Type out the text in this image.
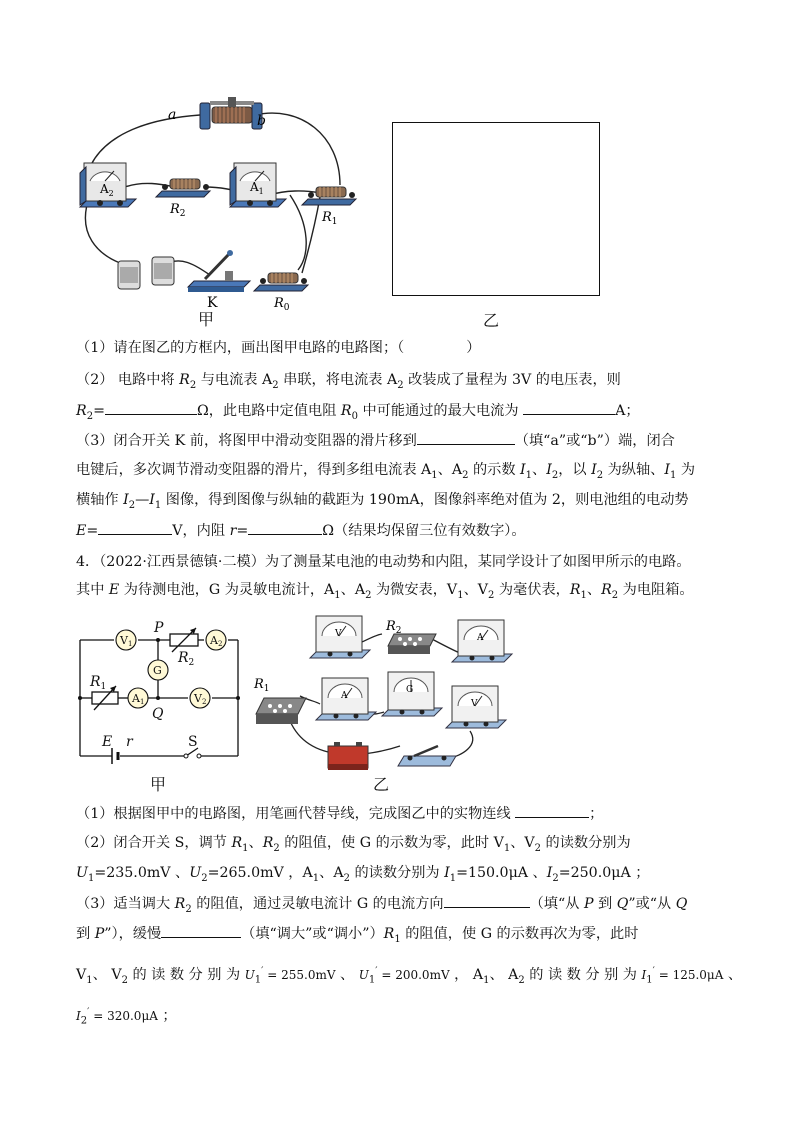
a	b
$A_2$
$R_2$
$A_1$
$R_1$
K	$R_0$
甲	乙
（1）请在图乙的方框内，画出图甲电路的电路图；（	）
（2） 电路中将 $R_2$ 与电流表 $A_2$ 串联，将电流表 $A_2$ 改装成了量程为 3V 的电压表，则
$R_2=$	Ω，此电路中定值电阻 $R_0$ 中可能通过的最大电流为	A；
（3）闭合开关 K 前，将图甲中滑动变阻器的滑片移到	（填“a”或“b”）端，闭合
电键后，多次调节滑动变阻器的滑片，得到多组电流表 $A_1$、$A_2$ 的示数 $I_1$、$I_2$，以 $I_2$ 为纵轴、$I_1$ 为
横轴作 $I_2—I_1$ 图像，得到图像与纵轴的截距为 190mA，图像斜率绝对值为 2，则电池组的电动势
E=	V，内阻 r=	Ω（结果均保留三位有效数字）。
4．（2022·江西景德镇·二模）为了测量某电池的电动势和内阻，某同学设计了如图甲所示的电路。
其中 E 为待测电池，G 为灵敏电流计，$A_1$、$A_2$ 为微安表，$V_1$、$V_2$ 为毫伏表，$R_1$、$R_2$ 为电阻箱。
V1	A2
G
A1	V2
P
$R_2$
$R_1$
Q
E r	S
甲
V	$R_2$
A
$R_1$
A
G
V
乙
（1）根据图甲中的电路图，用笔画代替导线，完成图乙中的实物连线	；
（2）闭合开关 S，调节 $R_1$、$R_2$ 的阻值，使 G 的示数为零，此时 $V_1$、$V_2$ 的读数分别为
$U_1=235.0mV$ 、$U_2=265.0mV$ ，$A_1$、$A_2$ 的读数分别为 $I_1=150.0\mu A$ 、$I_2=250.0\mu A$ ；
（3）适当调大 $R_2$ 的阻值，通过灵敏电流计 G 的电流方向	（填“从 P 到 Q”或“从 Q
到 P”），缓慢	（填“调大”或“调小$”)R_1$ 的阻值，使 G 的示数再次为零，此时
$V_1$、 $V_2$ 的 读 数 分 别 为 $U_1' = 255.0mV$ 、 $U_1' = 200.0mV$ ， $A_1$、 $A_2$ 的 读 数 分 别 为 $I_1' = 125.0\mu A$ 、
$I_2' = 320.0\mu A$ ；
